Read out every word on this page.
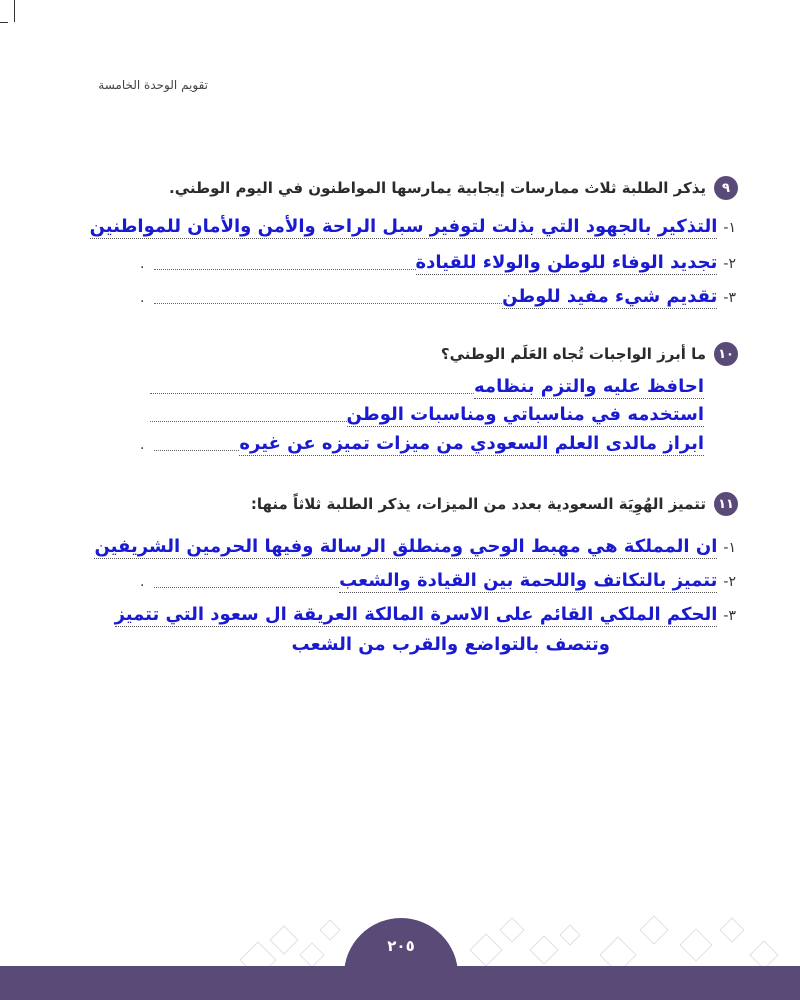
تقويم الوحدة الخامسة
٩
يذكر الطلبة ثلاث ممارسات إيجابية يمارسها المواطنون في اليوم الوطني.
١-
التذكير بالجهود التي بذلت لتوفير سبل الراحة والأمن والأمان للمواطنين
٢-
تجديد الوفاء للوطن والولاء للقيادة
.
٣-
تقديم شيء مفيد للوطن
.
١٠
ما أبرز الواجبات تُجاه العَلَم الوطني؟
احافظ عليه والتزم بنظامه
استخدمه في مناسباتي ومناسبات الوطن
ابراز مالدى العلم السعودي من ميزات تميزه عن غيره
.
١١
تتميز الهُوِيَة السعودية بعدد من الميزات، يذكر الطلبة ثلاثاً منها:
١-
ان المملكة هي مهبط الوحي ومنطلق الرسالة وفيها الحرمين الشريفين
٢-
تتميز بالتكاتف واللحمة بين القيادة والشعب
.
٣-
الحكم الملكي القائم على الاسرة المالكة العريقة ال سعود التي تتميز
وتتصف بالتواضع والقرب من الشعب
٢٠٥
